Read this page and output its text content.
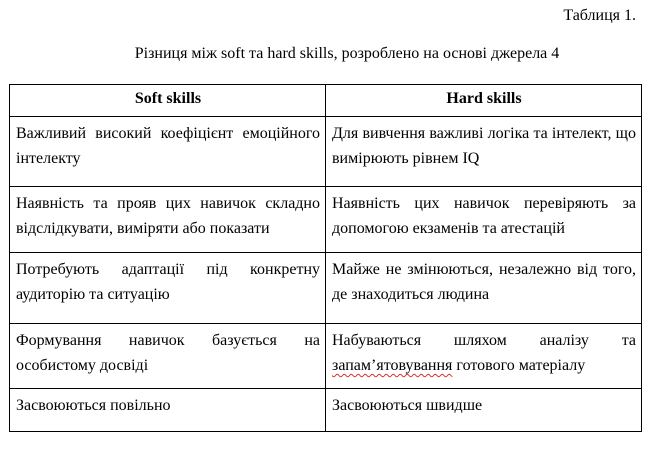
Таблиця 1.
Різниця між soft та hard skills, розроблено на основі джерела 4
Soft skills	Hard skills
Важливий високий коефіцієнт емоційного інтелекту	Для вивчення важливі логіка та інтелект, що вимірюють рівнем IQ
Наявність та прояв цих навичок складно відслідкувати, виміряти або показати	Наявність цих навичок перевіряють за допомогою екзаменів та атестацій
Потребують адаптації під конкретну аудиторію та ситуацію	Майже не змінюються, незалежно від того, де знаходиться людина
Формування навичок базується на особистому досвіді	Набуваються шляхом аналізу та запам’ятовування готового матеріалу
Засвоюються повільно	Засвоюються швидше
